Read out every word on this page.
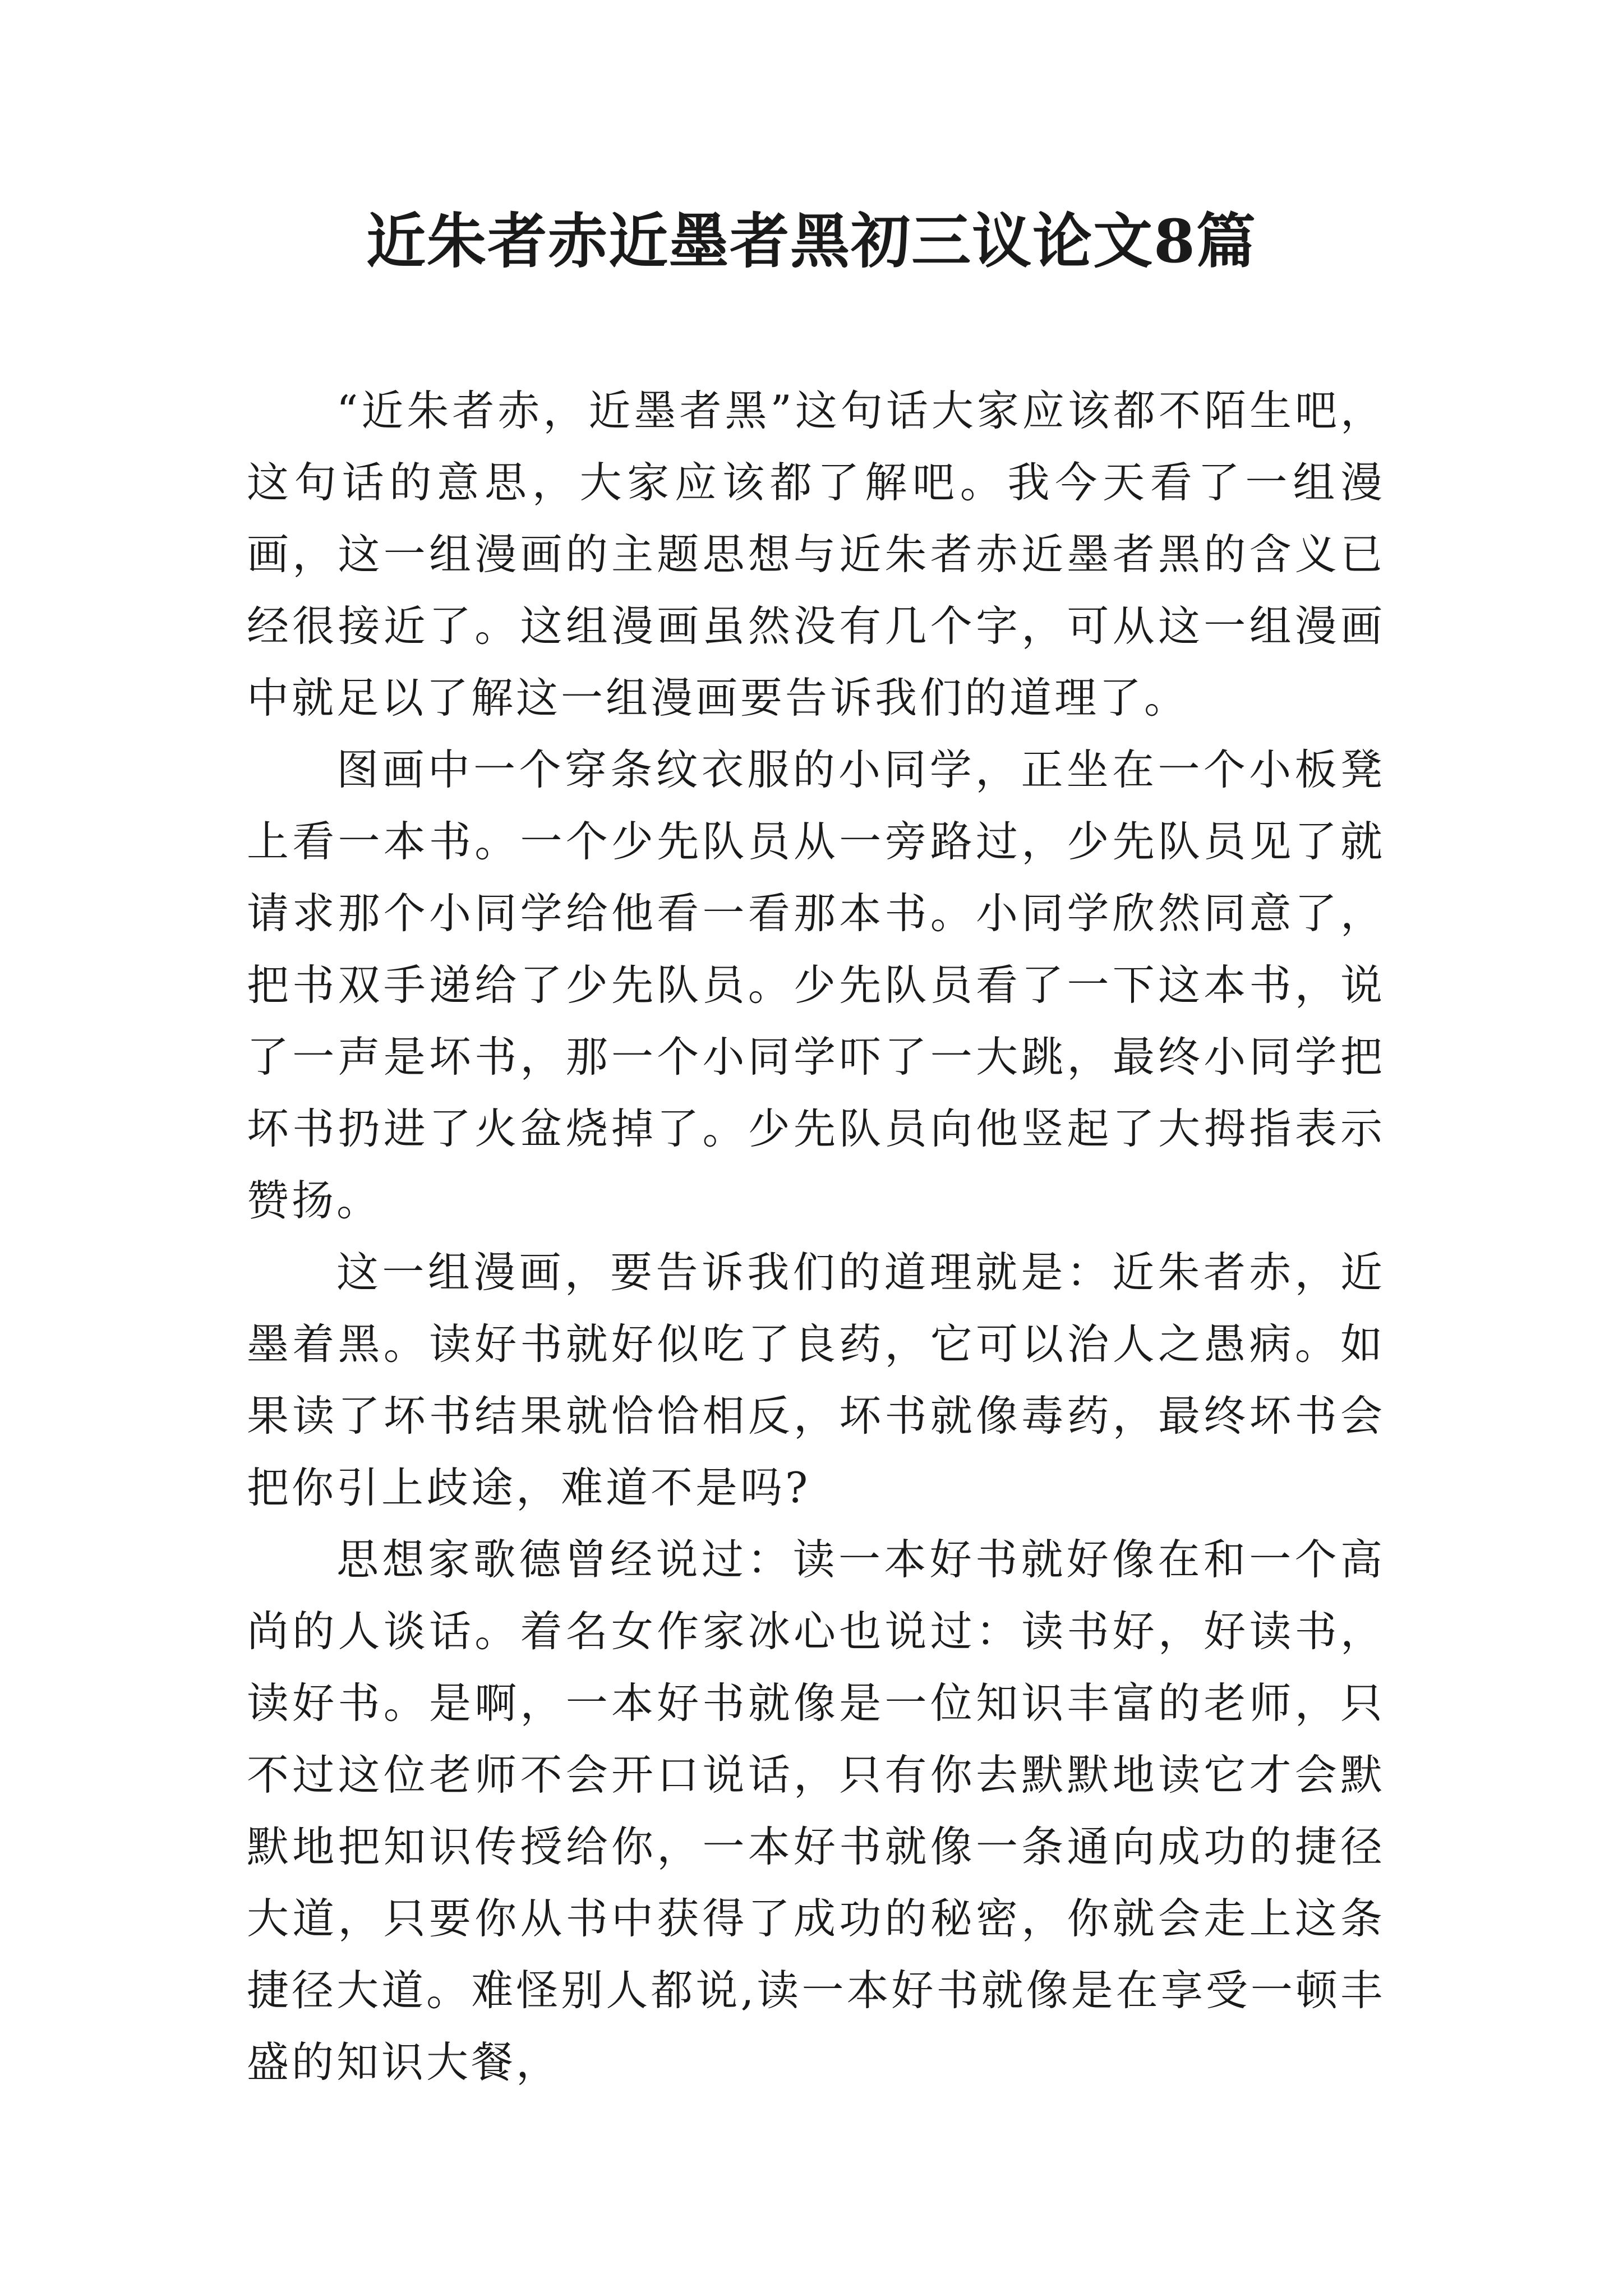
近朱者赤近墨者黑初三议论文8篇

“近朱者赤，近墨者黑”这句话大家应该都不陌生吧，这句话的意思，大家应该都了解吧。我今天看了一组漫画，这一组漫画的主题思想与近朱者赤近墨者黑的含义已经很接近了。这组漫画虽然没有几个字，可从这一组漫画中就足以了解这一组漫画要告诉我们的道理了。

图画中一个穿条纹衣服的小同学，正坐在一个小板凳上看一本书。一个少先队员从一旁路过，少先队员见了就请求那个小同学给他看一看那本书。小同学欣然同意了，把书双手递给了少先队员。少先队员看了一下这本书，说了一声是坏书，那一个小同学吓了一大跳，最终小同学把坏书扔进了火盆烧掉了。少先队员向他竖起了大拇指表示赞扬。

这一组漫画，要告诉我们的道理就是：近朱者赤，近墨着黑。读好书就好似吃了良药，它可以治人之愚病。如果读了坏书结果就恰恰相反，坏书就像毒药，最终坏书会把你引上歧途，难道不是吗?

思想家歌德曾经说过：读一本好书就好像在和一个高尚的人谈话。着名女作家冰心也说过：读书好，好读书，读好书。是啊，一本好书就像是一位知识丰富的老师，只不过这位老师不会开口说话，只有你去默默地读它才会默默地把知识传授给你，一本好书就像一条通向成功的捷径大道，只要你从书中获得了成功的秘密，你就会走上这条捷径大道。难怪别人都说,读一本好书就像是在享受一顿丰盛的知识大餐，
